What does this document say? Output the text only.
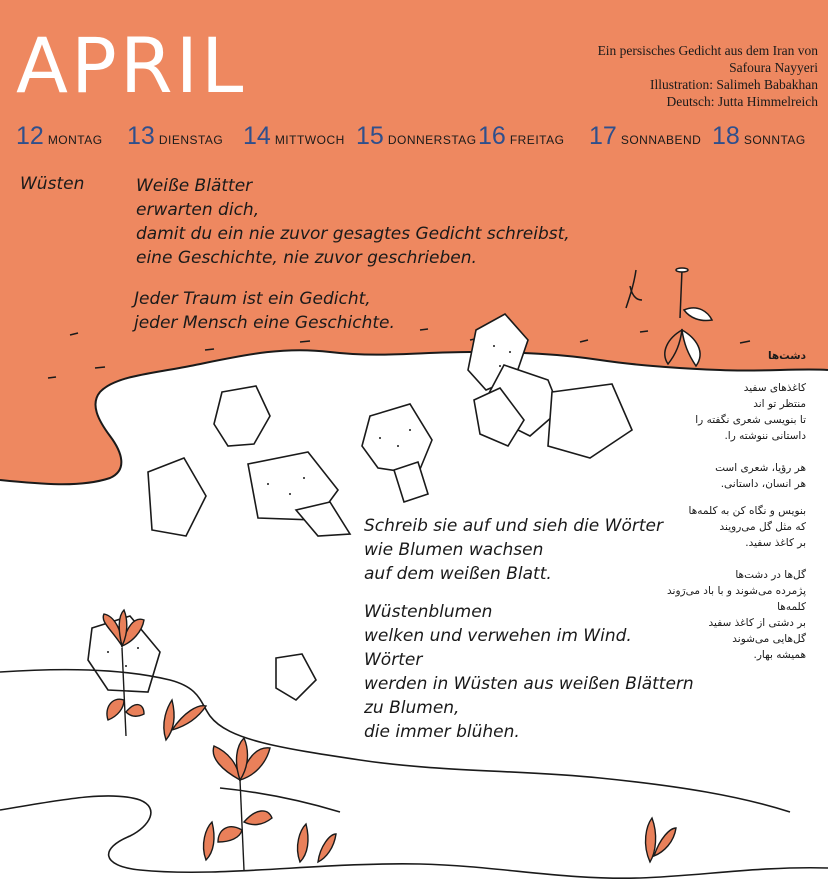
APRIL	Ein persisches Gedicht aus dem Iran von
Safoura Nayyeri
Illustration: Salimeh Babakhan
Deutsch: Jutta Himmelreich
12 MONTAG 13 DIENSTAG 14 MITTWOCH 15 DONNERSTAG 16 FREITAG 17 SONNABEND 18 SONNTAG
Wüsten	Weiße Blätter
erwarten dich,
damit du ein nie zuvor gesagtes Gedicht schreibst,
eine Geschichte, nie zuvor geschrieben.
Jeder Traum ist ein Gedicht,
jeder Mensch eine Geschichte.
Schreib sie auf und sieh die Wörter
wie Blumen wachsen
auf dem weißen Blatt.
Wüstenblumen
welken und verwehen im Wind.
Wörter
werden in Wüsten aus weißen Blättern
zu Blumen,
die immer blühen.
دشت‌ها
کاغذهای سفید
منتظر تو اند
تا بنویسی شعری نگفته را
داستانی ننوشته را.
هر رؤیا، شعری است
هر انسان، داستانی.
بنویس و نگاه کن به کلمه‌ها
که مثل گل می‌رویند
بر کاغذ سفید.
گل‌ها در دشت‌ها
پژمرده می‌شوند و با باد می‌رَوند
کلمه‌ها
بر دشتی از کاغذ سفید
گل‌هایی می‌شوند
همیشه بهار.
